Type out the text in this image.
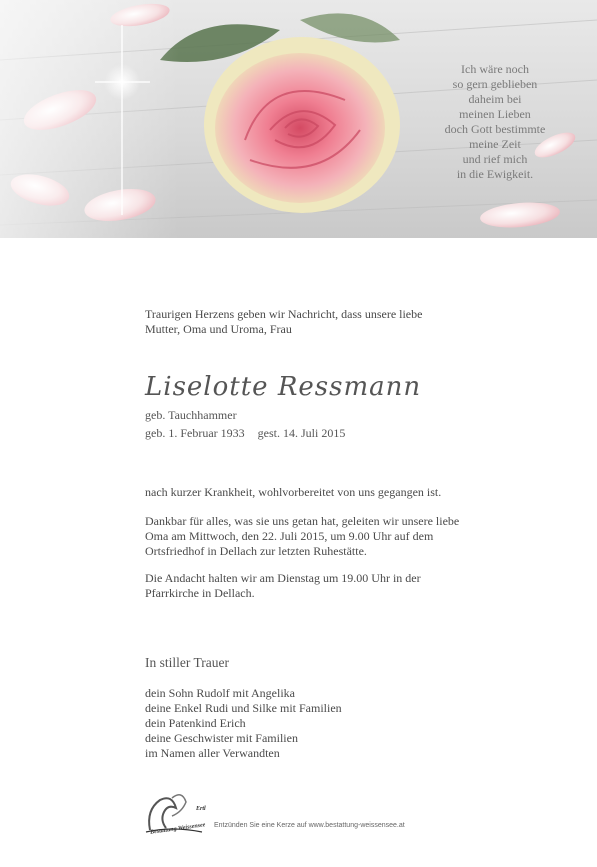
Ich wäre noch
so gern geblieben
daheim bei
meinen Lieben
doch Gott bestimmte
meine Zeit
und rief mich
in die Ewigkeit.
Traurigen Herzens geben wir Nachricht, dass unsere liebe
Mutter, Oma und Uroma, Frau
Liselotte Ressmann
geb. Tauchhammer
geb. 1. Februar 1933 gest. 14. Juli 2015
nach kurzer Krankheit, wohlvorbereitet von uns gegangen ist.
Dankbar für alles, was sie uns getan hat, geleiten wir unsere liebe
Oma am Mittwoch, den 22. Juli 2015, um 9.00 Uhr auf dem
Ortsfriedhof in Dellach zur letzten Ruhestätte.
Die Andacht halten wir am Dienstag um 19.00 Uhr in der
Pfarrkirche in Dellach.
In stiller Trauer
dein Sohn Rudolf mit Angelika
deine Enkel Rudi und Silke mit Familien
dein Patenkind Erich
deine Geschwister mit Familien
im Namen aller Verwandten
Ertl
Bestattung Weissensee Entzünden Sie eine Kerze auf www.bestattung-weissensee.at
